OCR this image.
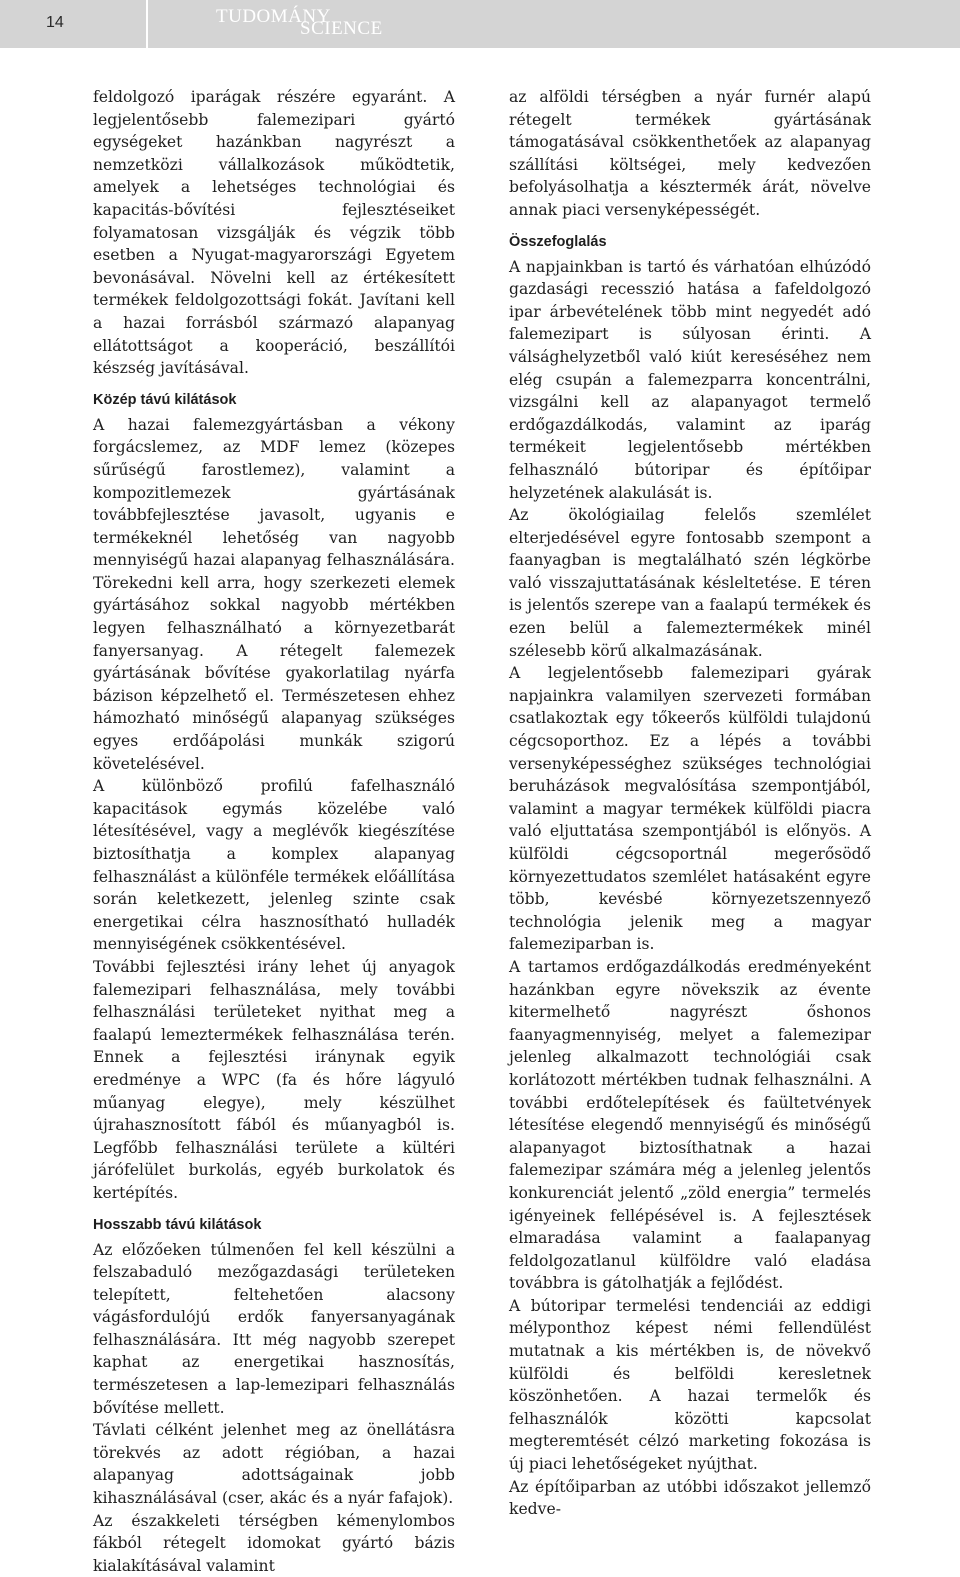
14	TUDOMÁNY
SCIENCE

feldolgozó iparágak részére egyaránt. A legjelentősebb falemezipari gyártó egységeket hazánkban nagyrészt a nemzetközi vállalkozások működtetik, amelyek a lehetséges technológiai és kapacitás-bővítési fejlesztéseiket folyamatosan vizsgálják és végzik több esetben a Nyugat-magyarországi Egyetem bevonásával. Növelni kell az értékesített termékek feldolgozottsági fokát. Javítani kell a hazai forrásból származó alapanyag ellátottságot a kooperáció, beszállítói készség javításával.

Közép távú kilátások

A hazai falemezgyártásban a vékony forgácslemez, az MDF lemez (közepes sűrűségű farostlemez), valamint a kompozitlemezek gyártásának továbbfejlesztése javasolt, ugyanis e termékeknél lehetőség van nagyobb mennyiségű hazai alapanyag felhasználására. Törekedni kell arra, hogy szerkezeti elemek gyártásához sokkal nagyobb mértékben legyen felhasználható a környezetbarát fanyersanyag. A rétegelt falemezek gyártásának bővítése gyakorlatilag nyárfa bázison képzelhető el. Természetesen ehhez hámozható minőségű alapanyag szükséges egyes erdőápolási munkák szigorú követelésével.

A különböző profilú fafelhasználó kapacitások egymás közelébe való létesítésével, vagy a meglévők kiegészítése biztosíthatja a komplex alapanyag felhasználást a különféle termékek előállítása során keletkezett, jelenleg szinte csak energetikai célra hasznosítható hulladék mennyiségének csökkentésével.

További fejlesztési irány lehet új anyagok falemezipari felhasználása, mely további felhasználási területeket nyithat meg a faalapú lemeztermékek felhasználása terén. Ennek a fejlesztési iránynak egyik eredménye a WPC (fa és hőre lágyuló műanyag elegye), mely készülhet újrahasznosított fából és műanyagból is. Legfőbb felhasználási területe a kültéri járófelület burkolás, egyéb burkolatok és kertépítés.

Hosszabb távú kilátások

Az előzőeken túlmenően fel kell készülni a felszabaduló mezőgazdasági területeken telepített, feltehetően alacsony vágásfordulójú erdők fanyersanyagának felhasználására. Itt még nagyobb szerepet kaphat az energetikai hasznosítás, természetesen a lap-lemezipari felhasználás bővítése mellett.

Távlati célként jelenhet meg az önellátásra törekvés az adott régióban, a hazai alapanyag adottságainak jobb kihasználásával (cser, akác és a nyár fafajok).

Az északkeleti térségben kémenylombos fákból rétegelt idomokat gyártó bázis kialakításával valamint

az alföldi térségben a nyár furnér alapú rétegelt termékek gyártásának támogatásával csökkenthetőek az alapanyag szállítási költségei, mely kedvezően befolyásolhatja a késztermék árát, növelve annak piaci versenyképességét.

Összefoglalás

A napjainkban is tartó és várhatóan elhúzódó gazdasági recesszió hatása a fafeldolgozó ipar árbevételének több mint negyedét adó falemezipart is súlyosan érinti. A válsághelyzetből való kiút kereséséhez nem elég csupán a falemezparra koncentrálni, vizsgálni kell az alapanyagot termelő erdőgazdálkodás, valamint az iparág termékeit legjelentősebb mértékben felhasználó bútoripar és építőipar helyzetének alakulását is.

Az ökológiailag felelős szemlélet elterjedésével egyre fontosabb szempont a faanyagban is megtalálható szén légkörbe való visszajuttatásának késleltetése. E téren is jelentős szerepe van a faalapú termékek és ezen belül a falemeztermékek minél szélesebb körű alkalmazásának.

A legjelentősebb falemezipari gyárak napjainkra valamilyen szervezeti formában csatlakoztak egy tőkeerős külföldi tulajdonú cégcsoporthoz. Ez a lépés a további versenyképességhez szükséges technológiai beruházások megvalósítása szempontjából, valamint a magyar termékek külföldi piacra való eljuttatása szempontjából is előnyös. A külföldi cégcsoportnál megerősödő környezettudatos szemlélet hatásaként egyre több, kevésbé környezetszennyező technológia jelenik meg a magyar falemeziparban is.

A tartamos erdőgazdálkodás eredményeként hazánkban egyre növekszik az évente kitermelhető nagyrészt őshonos faanyagmennyiség, melyet a falemezipar jelenleg alkalmazott technológiái csak korlátozott mértékben tudnak felhasználni. A további erdőtelepítések és faültetvények létesítése elegendő mennyiségű és minőségű alapanyagot biztosíthatnak a hazai falemezipar számára még a jelenleg jelentős konkurenciát jelentő „zöld energia” termelés igényeinek fellépésével is. A fejlesztések elmaradása valamint a faalapanyag feldolgozatlanul külföldre való eladása továbbra is gátolhatják a fejlődést.

A bútoripar termelési tendenciái az eddigi mélyponthoz képest némi fellendülést mutatnak a kis mértékben is, de növekvő külföldi és belföldi keresletnek köszönhetően. A hazai termelők és felhasználók közötti kapcsolat megteremtését célzó marketing fokozása is új piaci lehetőségeket nyújthat.

Az építőiparban az utóbbi időszakot jellemző kedve-
